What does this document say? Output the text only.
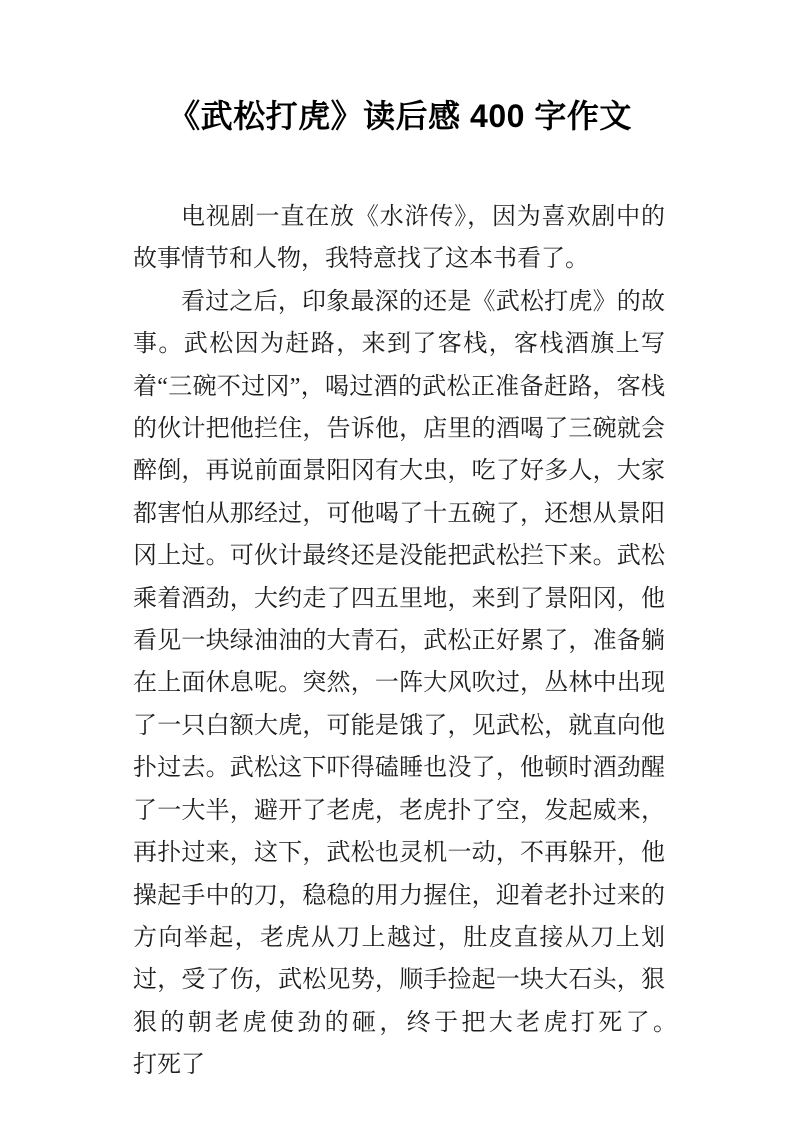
《武松打虎》读后感 400 字作文

电视剧一直在放《水浒传》，因为喜欢剧中的故事情节和人物，我特意找了这本书看了。

看过之后，印象最深的还是《武松打虎》的故事。武松因为赶路，来到了客栈，客栈酒旗上写着“三碗不过冈”，喝过酒的武松正准备赶路，客栈的伙计把他拦住，告诉他，店里的酒喝了三碗就会醉倒，再说前面景阳冈有大虫，吃了好多人，大家都害怕从那经过，可他喝了十五碗了，还想从景阳冈上过。可伙计最终还是没能把武松拦下来。武松乘着酒劲，大约走了四五里地，来到了景阳冈，他看见一块绿油油的大青石，武松正好累了，准备躺在上面休息呢。突然，一阵大风吹过，丛林中出现了一只白额大虎，可能是饿了，见武松，就直向他扑过去。武松这下吓得磕睡也没了，他顿时酒劲醒了一大半，避开了老虎，老虎扑了空，发起威来，再扑过来，这下，武松也灵机一动，不再躲开，他操起手中的刀，稳稳的用力握住，迎着老扑过来的方向举起，老虎从刀上越过，肚皮直接从刀上划过，受了伤，武松见势，顺手捡起一块大石头，狠狠的朝老虎使劲的砸，终于把大老虎打死了。　　打死了
